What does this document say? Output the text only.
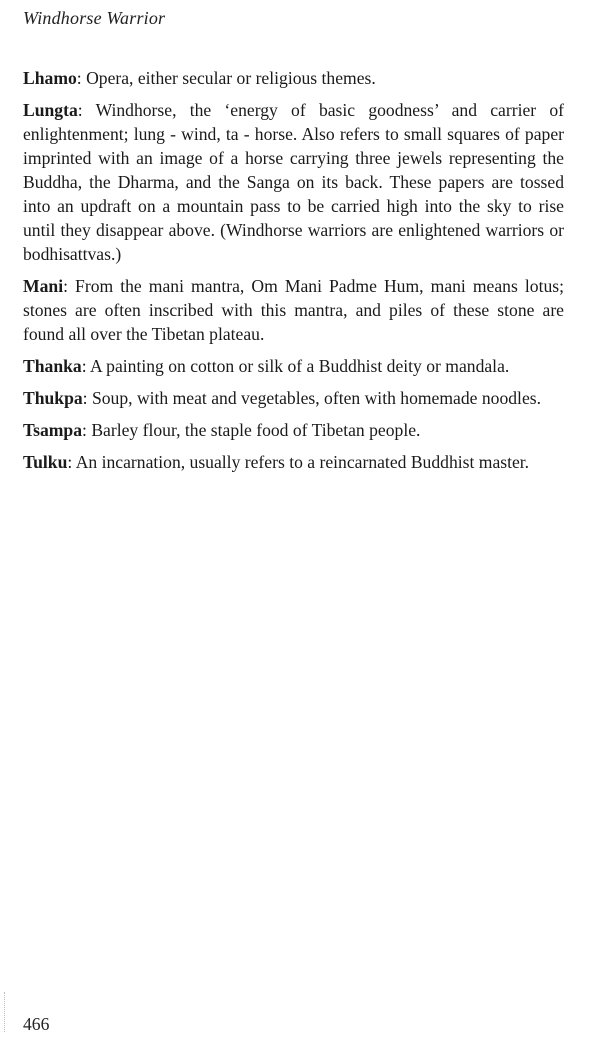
Windhorse Warrior

Lhamo: Opera, either secular or religious themes.

Lungta: Windhorse, the ‘energy of basic goodness’ and carrier of enlightenment; lung - wind, ta - horse. Also refers to small squares of paper imprinted with an image of a horse carrying three jewels representing the Buddha, the Dharma, and the Sanga on its back. These papers are tossed into an updraft on a mountain pass to be carried high into the sky to rise until they disappear above. (Windhorse warriors are enlightened warriors or bodhisattvas.)

Mani: From the mani mantra, Om Mani Padme Hum, mani means lotus; stones are often inscribed with this mantra, and piles of these stone are found all over the Tibetan plateau.

Thanka: A painting on cotton or silk of a Buddhist deity or mandala.

Thukpa: Soup, with meat and vegetables, often with homemade noodles.

Tsampa: Barley flour, the staple food of Tibetan people.

Tulku: An incarnation, usually refers to a reincarnated Buddhist master.

466
